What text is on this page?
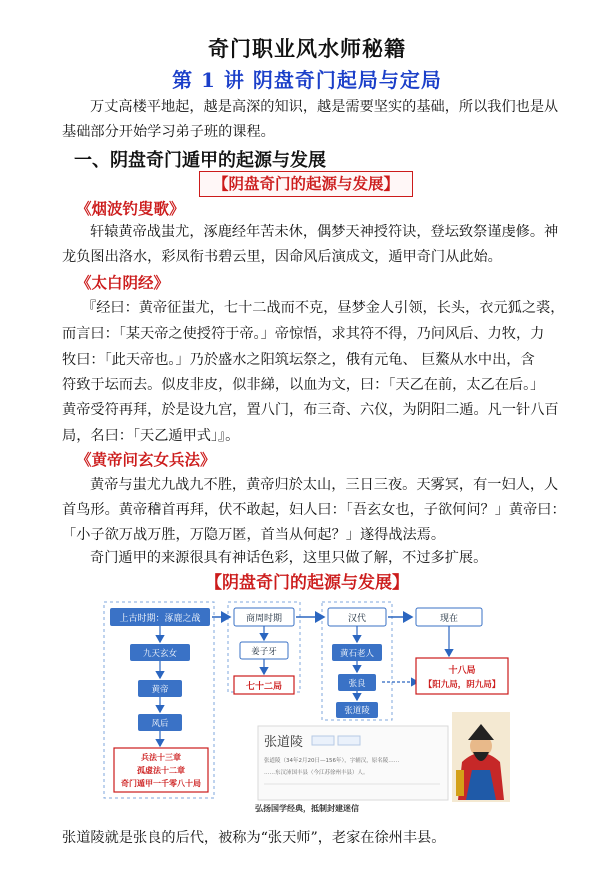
奇门职业风水师秘籍
第 1 讲 阴盘奇门起局与定局
万丈高楼平地起，越是高深的知识，越是需要坚实的基础，所以我们也是从
基础部分开始学习弟子班的课程。
一、阴盘奇门遁甲的起源与发展
【阴盘奇门的起源与发展】
《烟波钓叟歌》
轩辕黄帝战蚩尤，涿鹿经年苦未休，偶梦天神授符诀，登坛致祭谨虔修。神
龙负图出洛水，彩凤衔书碧云里，因命风后演成文，遁甲奇门从此始。
《太白阴经》
『经曰：黄帝征蚩尤，七十二战而不克，昼梦金人引领，长头，衣元狐之裘，
而言曰：「某天帝之使授符于帝。」帝惊悟，求其符不得，乃问风后、力牧，力
牧曰：「此天帝也。」乃於盛水之阳筑坛祭之，俄有元龟、 巨鰲从水中出，含
符致于坛而去。似皮非皮，似非綈，以血为文，曰：「天乙在前，太乙在后。」
黄帝受符再拜，於是设九宫，置八门，布三奇、六仪，为阴阳二遁。凡一针八百
局，名曰：「天乙遁甲式」』。
《黄帝问玄女兵法》
黄帝与蚩尤九战九不胜，黄帝归於太山，三日三夜。天雾冥，有一妇人，人
首鸟形。黄帝稽首再拜，伏不敢起，妇人曰：「吾玄女也，子欲何问？」黄帝曰：
「小子欲万战万胜，万隐万匿，首当从何起？」遂得战法焉。
奇门遁甲的来源很具有神话色彩，这里只做了解，不过多扩展。
【阴盘奇门的起源与发展】
上古时期：涿鹿之战	商周时期	汉代	现在
九天玄女
黄帝
风后
兵法十三章
孤虚法十二章
奇门遁甲一千零八十局
姜子牙
七十二局
黄石老人
张良
张道陵
十八局
【阳九局，阴九局】
张道陵
张道陵（34年2月20日—156年），字辅汉，原名陵……
……东汉沛国丰县（今江苏徐州丰县）人。
弘扬国学经典，抵制封建迷信
张道陵就是张良的后代，被称为“张天师”，老家在徐州丰县。
